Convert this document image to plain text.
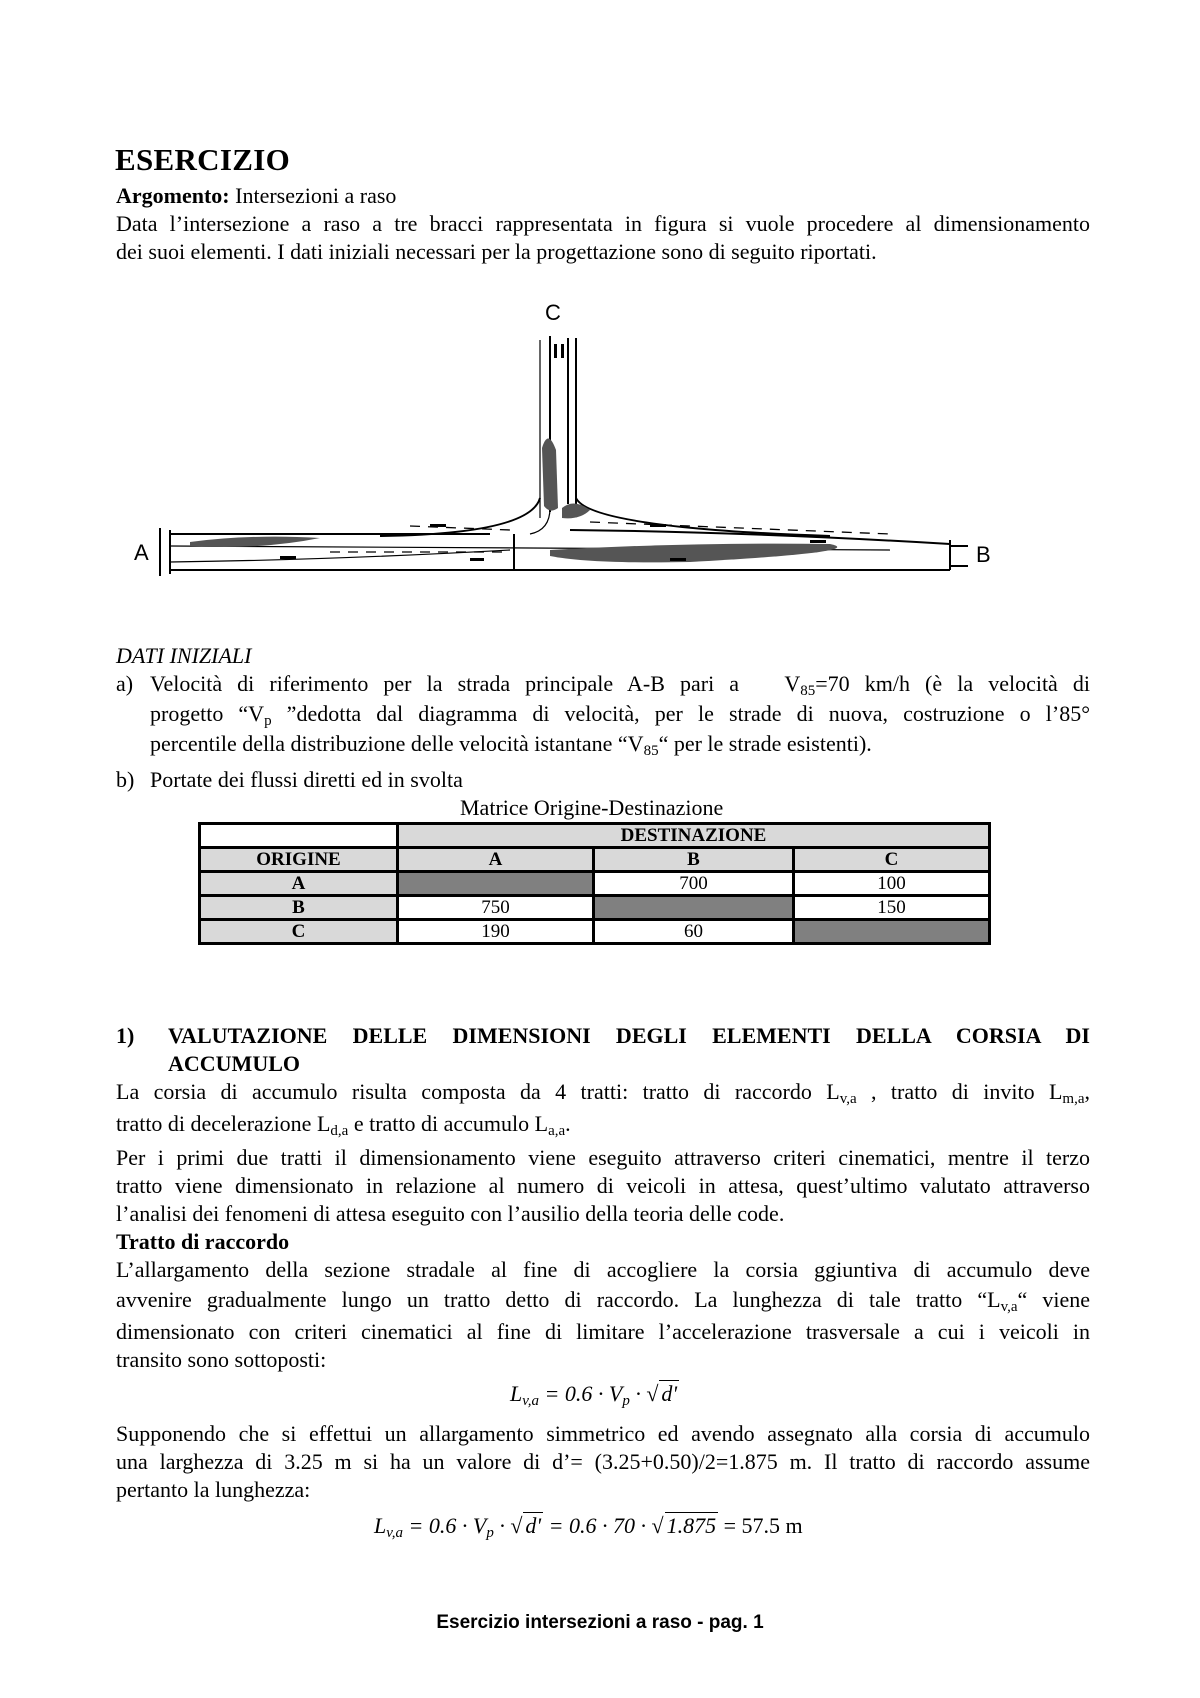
ESERCIZIO
Argomento: Intersezioni a raso
Data l’intersezione a raso a tre bracci rappresentata in figura si vuole procedere al dimensionamento
dei suoi elementi. I dati iniziali necessari per la progettazione sono di seguito riportati.
C
A	B
DATI INIZIALI
a) Velocità di riferimento per la strada principale A-B pari a $V_{85}=70$ km/h (è la velocità di
progetto “$V_p$ ”dedotta dal diagramma di velocità, per le strade di nuova, costruzione o l’85°
percentile della distribuzione delle velocità istantane “$V_{85}“$ per le strade esistenti).
b) Portate dei flussi diretti ed in svolta
Matrice Origine-Destinazione
	DESTINAZIONE		
ORIGINE	A	B	C
A		700	100
B	750		150
C	190	60	
1) VALUTAZIONE DELLE DIMENSIONI DEGLI ELEMENTI DELLA CORSIA DI
ACCUMULO
La corsia di accumulo risulta composta da 4 tratti: tratto di raccordo $L_{v,a}$ , tratto di invito $L_{m,a}$,
tratto di decelerazione $L_{d,a}$ e tratto di accumulo $L_{a,a}$.
Per i primi due tratti il dimensionamento viene eseguito attraverso criteri cinematici, mentre il terzo
tratto viene dimensionato in relazione al numero di veicoli in attesa, quest’ultimo valutato attraverso
l’analisi dei fenomeni di attesa eseguito con l’ausilio della teoria delle code.
Tratto di raccordo
L’allargamento della sezione stradale al fine di accogliere la corsia ggiuntiva di accumulo deve
avvenire gradualmente lungo un tratto detto di raccordo. La lunghezza di tale tratto “$L_{v,a}“$ viene
dimensionato con criteri cinematici al fine di limitare l’accelerazione trasversale a cui i veicoli in
transito sono sottoposti:
$L_{v,a} = 0.6 \cdot V_p$ · √ d'
Supponendo che si effettui un allargamento simmetrico ed avendo assegnato alla corsia di accumulo
una larghezza di 3.25 m si ha un valore di d’= (3.25+0.50)/2=1.875 m. Il tratto di raccordo assume
pertanto la lunghezza:
$L_{v,a} = 0.6 \cdot V_p$ · √ d' = 0.6 · 70 · √ 1.875 = 57.5 m
Esercizio intersezioni a raso - pag. 1
